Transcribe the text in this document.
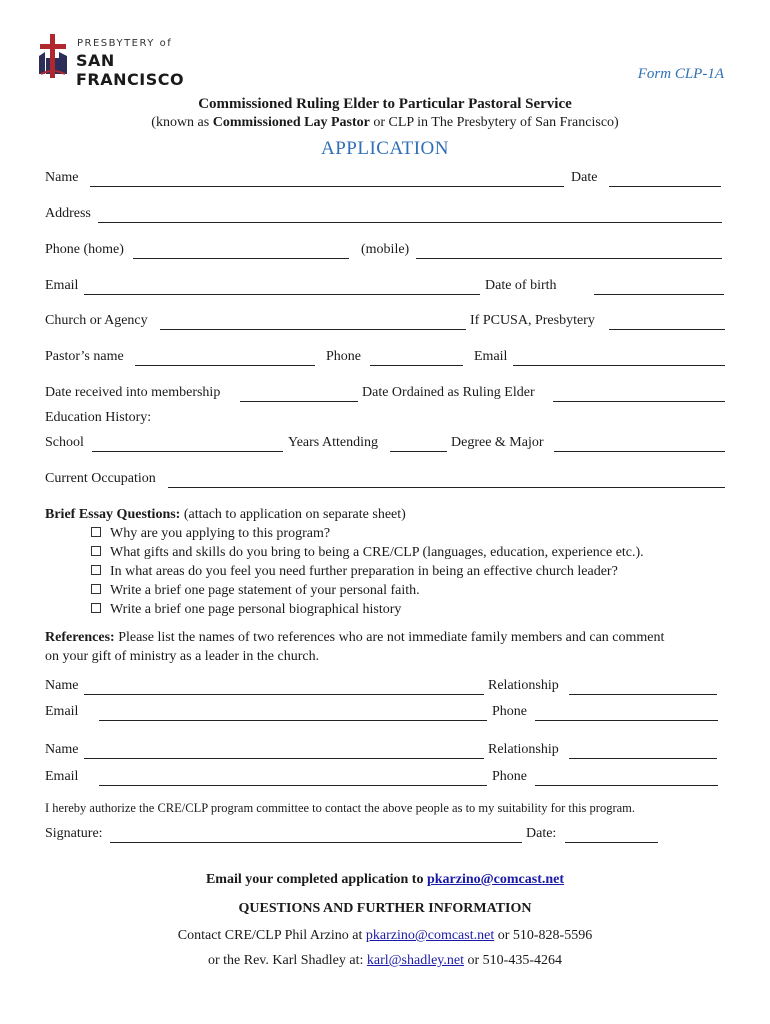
PRESBYTERY of
SAN FRANCISCO	Form CLP-1A
Commissioned Ruling Elder to Particular Pastoral Service
(known as Commissioned Lay Pastor or CLP in The Presbytery of San Francisco)
APPLICATION
Name	Date
Address
Phone (home)	(mobile)
Email	Date of birth
Church or Agency	If PCUSA, Presbytery
Pastor’s name	Phone	Email
Date received into membership	Date Ordained as Ruling Elder
Education History:
School	Years Attending	Degree & Major
Current Occupation
Brief Essay Questions: (attach to application on separate sheet)
Why are you applying to this program?
What gifts and skills do you bring to being a CRE/CLP (languages, education, experience etc.).
In what areas do you feel you need further preparation in being an effective church leader?
Write a brief one page statement of your personal faith.
Write a brief one page personal biographical history
References: Please list the names of two references who are not immediate family members and can comment
on your gift of ministry as a leader in the church.
Name	Relationship
Email	Phone
Name	Relationship
Email	Phone
I hereby authorize the CRE/CLP program committee to contact the above people as to my suitability for this program.
Signature:	Date:
Email your completed application to pkarzino@comcast.net
QUESTIONS AND FURTHER INFORMATION
Contact CRE/CLP Phil Arzino at pkarzino@comcast.net or 510-828-5596
or the Rev. Karl Shadley at: karl@shadley.net or 510-435-4264
